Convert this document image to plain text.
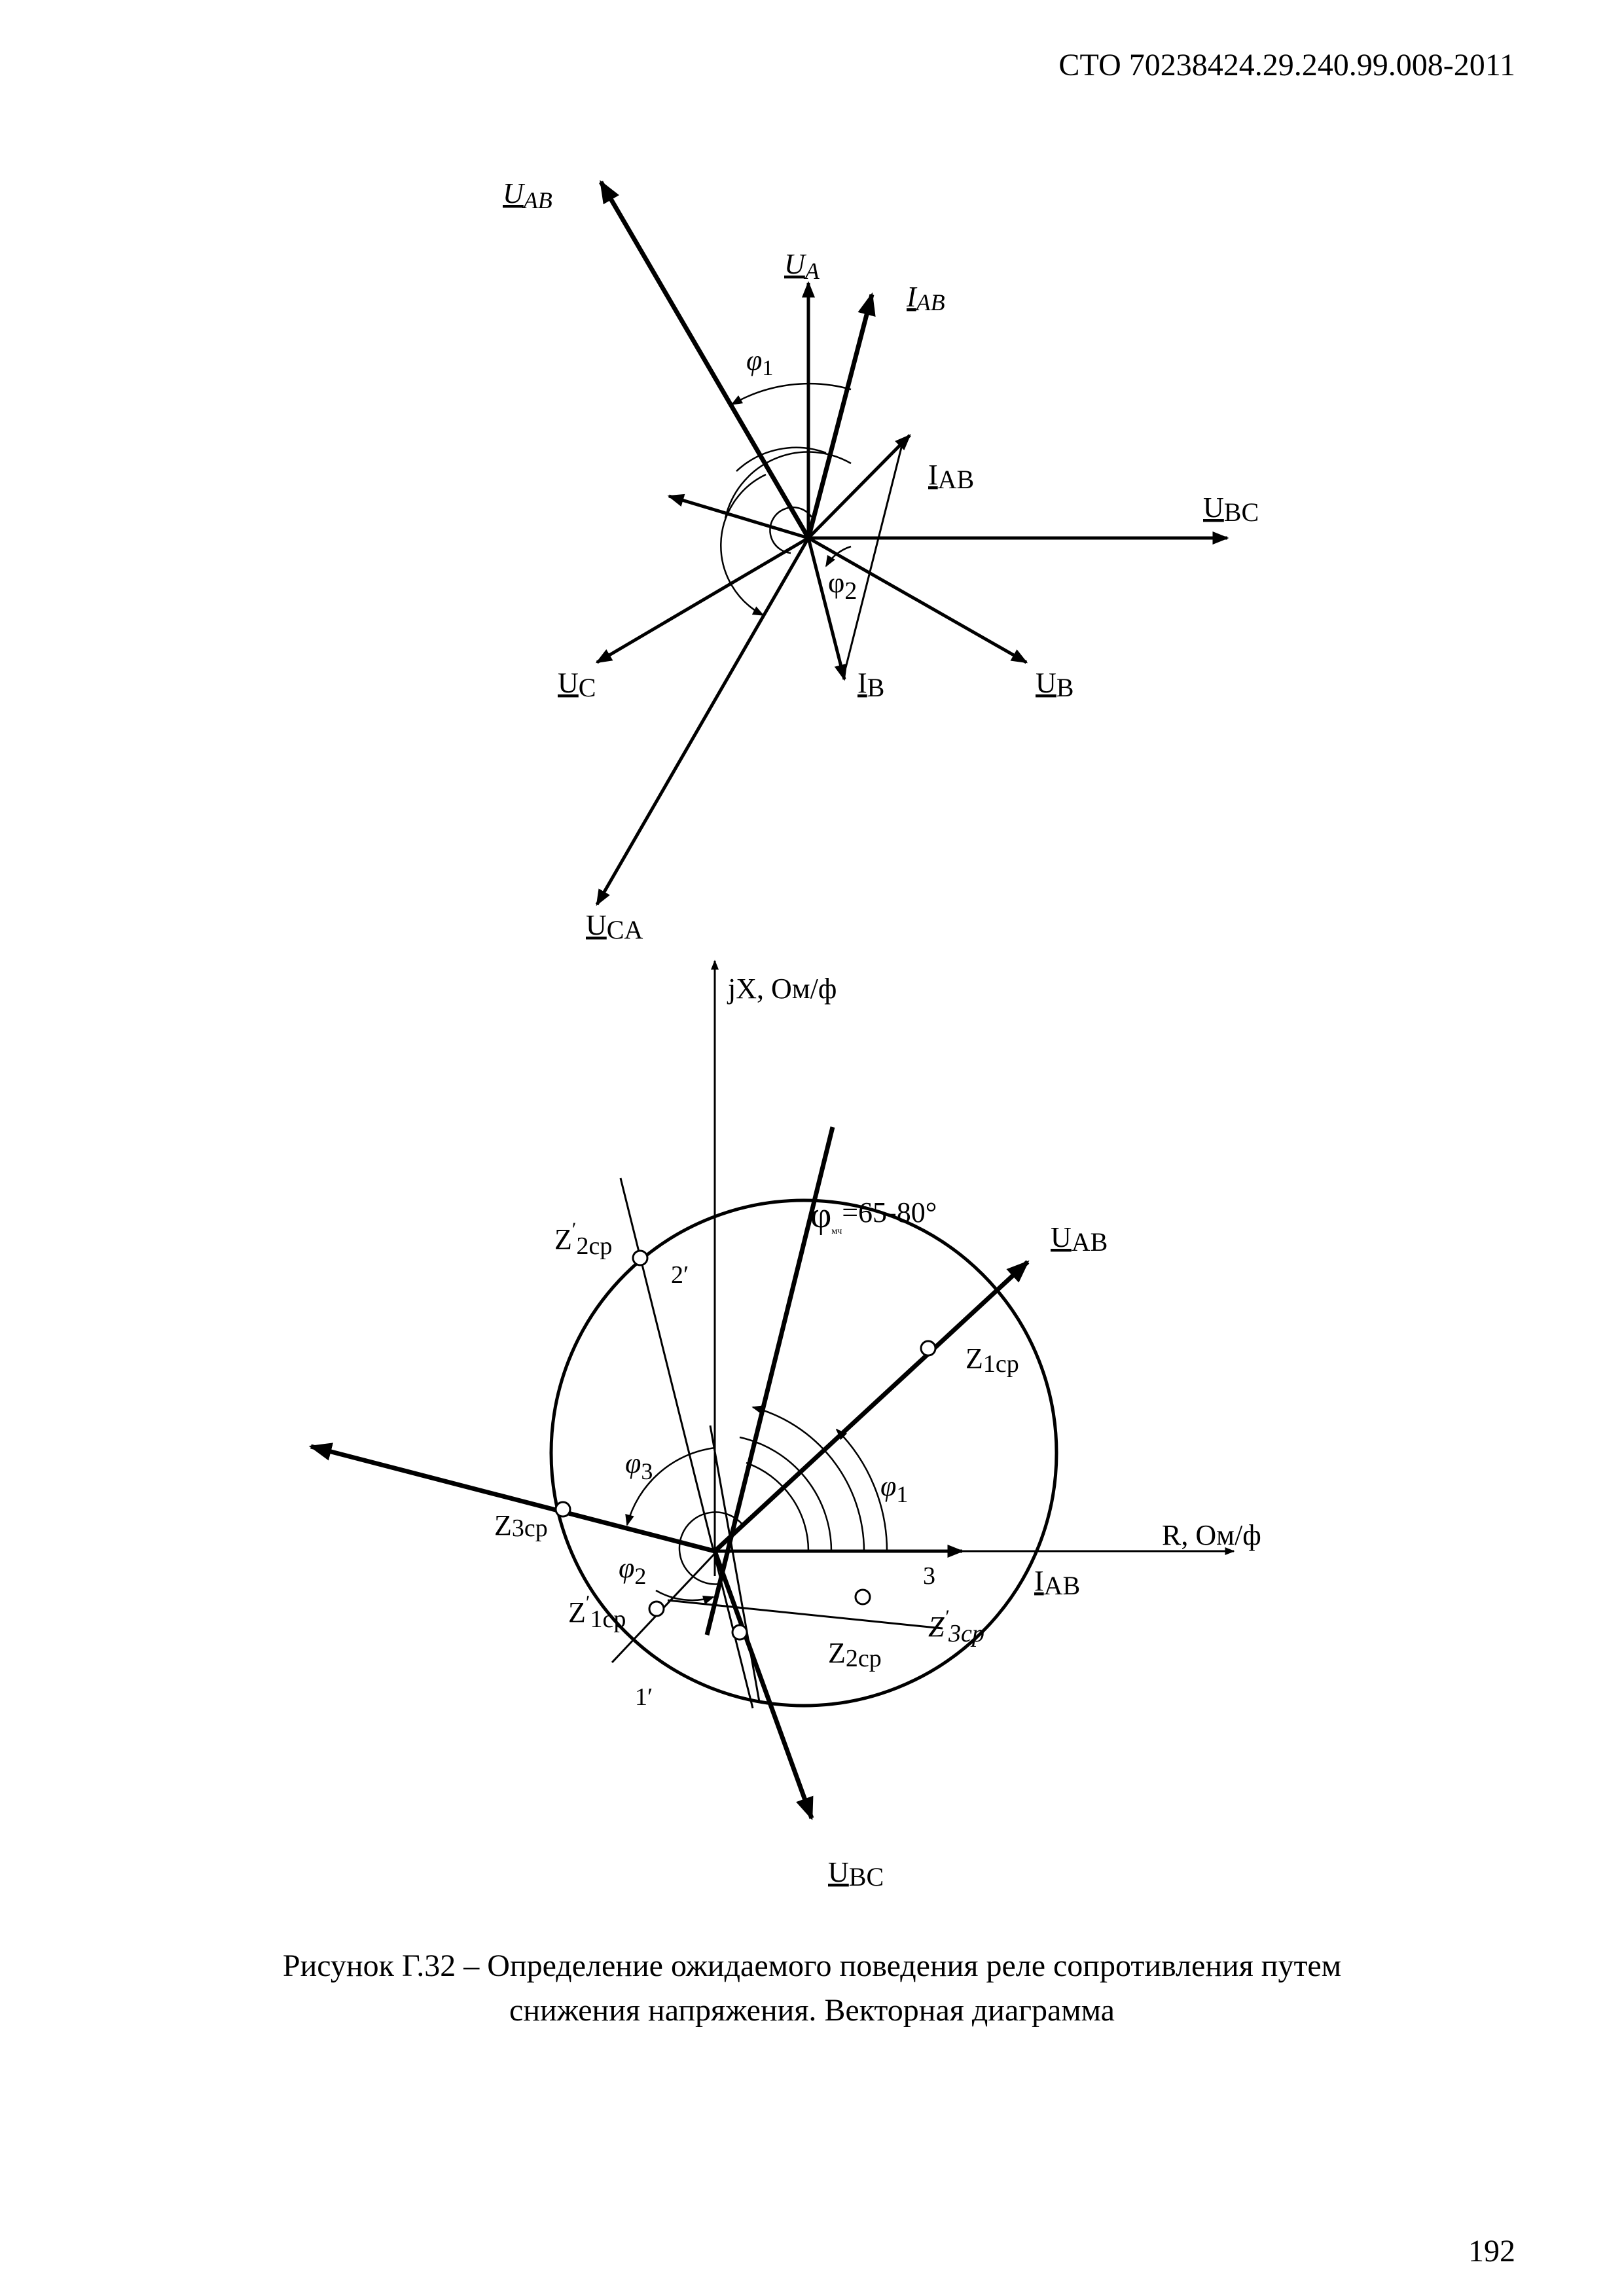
СТО 70238424.29.240.99.008-2011
UAB
UA
IAB
φ1
IAB
UBC
φ2
UC	IB	UB
UCA
jX, Ом/ф
R, Ом/ф
φмч$^{=65-80^\circ}$
UAB
Z′2ср
2′
Z1ср
$\varphi_3$	$\varphi_1$
Z3ср
$\varphi_2$
Z′1ср
3	IAB
Z′3ср
Z2ср
1′
UBC
Рисунок Г.32 – Определение ожидаемого поведения реле сопротивления путем
снижения напряжения. Векторная диаграмма
192
